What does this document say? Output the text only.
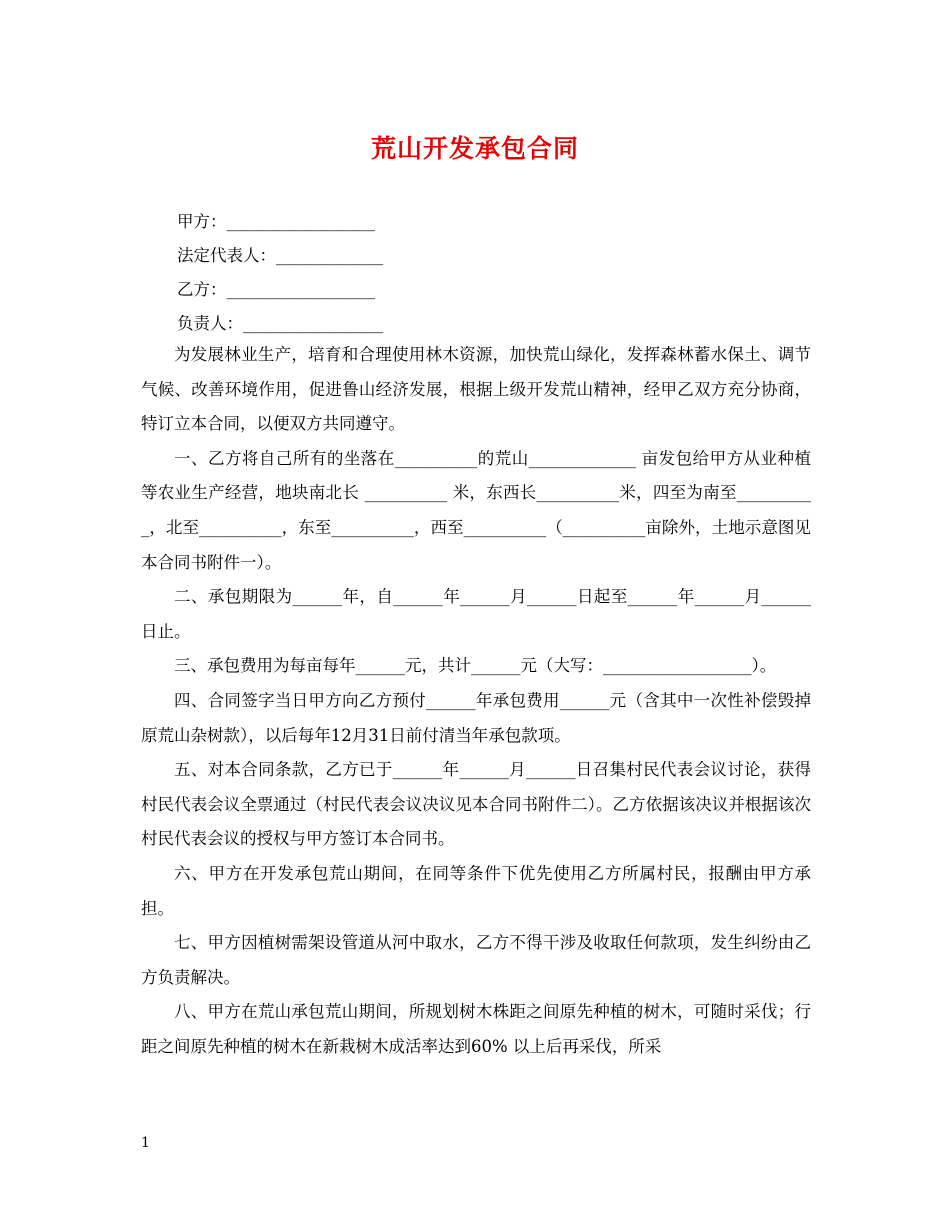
荒山开发承包合同
甲方：__________________
法定代表人：_____________
乙方：__________________
负责人：_________________

为发展林业生产，培育和合理使用林木资源，加快荒山绿化，发挥森林蓄水保土、调节气候、改善环境作用，促进鲁山经济发展，根据上级开发荒山精神，经甲乙双方充分协商，特订立本合同，以便双方共同遵守。

一、乙方将自己所有的坐落在__________的荒山_____________ 亩发包给甲方从业种植等农业生产经营，地块南北长 __________ 米，东西长__________米，四至为南至__________，北至__________，东至__________，西至__________（__________亩除外，土地示意图见本合同书附件一）。

二、承包期限为______年，自______年______月______日起至______年______月______日止。

三、承包费用为每亩每年______元，共计______元（大写：__________________）。

四、合同签字当日甲方向乙方预付______年承包费用______元（含其中一次性补偿毁掉原荒山杂树款），以后每年12月31日前付清当年承包款项。

五、对本合同条款，乙方已于______年______月______日召集村民代表会议讨论，获得村民代表会议全票通过（村民代表会议决议见本合同书附件二）。乙方依据该决议并根据该次村民代表会议的授权与甲方签订本合同书。

六、甲方在开发承包荒山期间，在同等条件下优先使用乙方所属村民，报酬由甲方承担。

七、甲方因植树需架设管道从河中取水，乙方不得干涉及收取任何款项，发生纠纷由乙方负责解决。

八、甲方在荒山承包荒山期间，所规划树木株距之间原先种植的树木，可随时采伐；行距之间原先种植的树木在新栽树木成活率达到60% 以上后再采伐，所采

1
